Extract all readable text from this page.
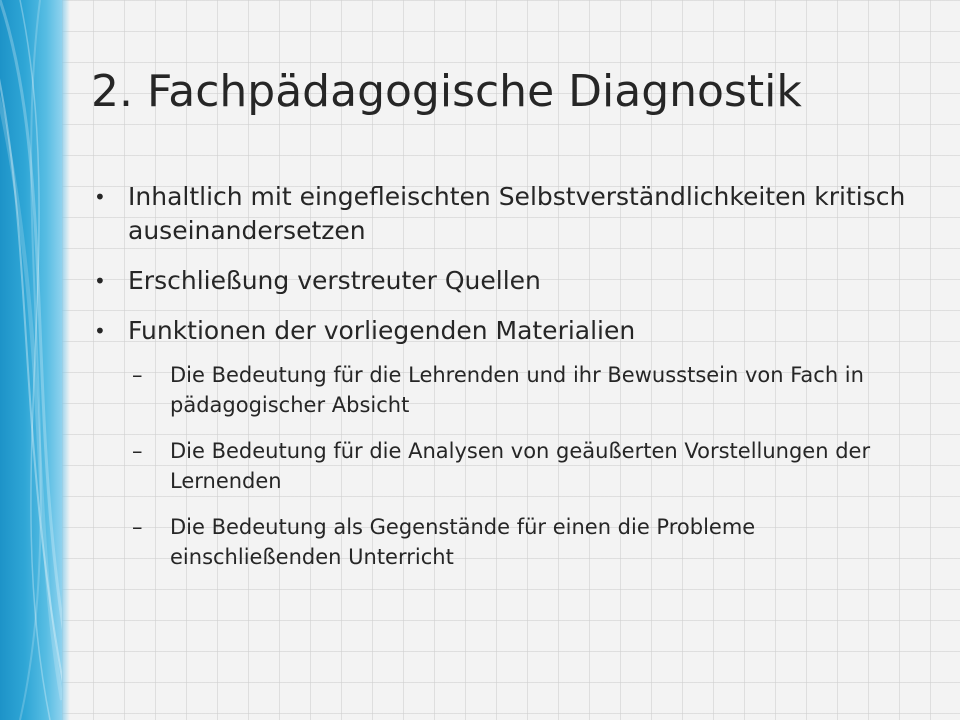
2. Fachpädagogische Diagnostik
• Inhaltlich mit eingefleischten Selbstverständlichkeiten kritisch auseinandersetzen
• Erschließung verstreuter Quellen
• Funktionen der vorliegenden Materialien
– Die Bedeutung für die Lehrenden und ihr Bewusstsein von Fach in pädagogischer Absicht
– Die Bedeutung für die Analysen von geäußerten Vorstellungen der Lernenden
– Die Bedeutung als Gegenstände für einen die Probleme einschließenden Unterricht
